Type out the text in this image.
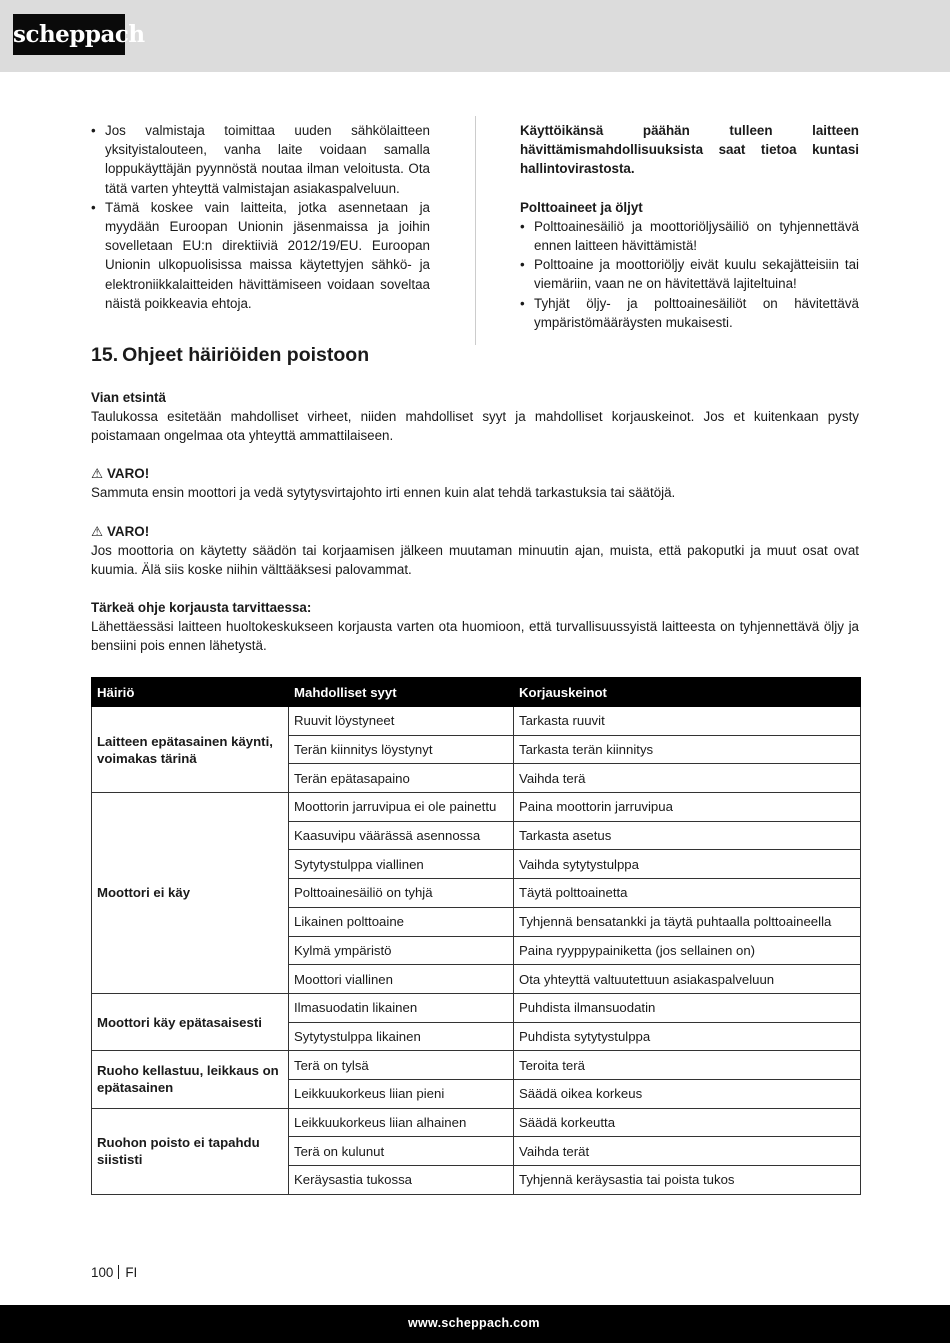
scheppach
• Jos valmistaja toimittaa uuden sähkölaitteen yksityistalouteen, vanha laite voidaan samalla loppukäyttäjän pyynnöstä noutaa ilman veloitusta. Ota tätä varten yhteyttä valmistajan asiakaspalveluun.
• Tämä koskee vain laitteita, jotka asennetaan ja myydään Euroopan Unionin jäsenmaissa ja joihin sovelletaan EU:n direktiiviä 2012/19/EU. Euroopan Unionin ulkopuolisissa maissa käytettyjen sähkö- ja elektroniikkalaitteiden hävittämiseen voidaan soveltaa näistä poikkeavia ehtoja.
Käyttöikänsä päähän tulleen laitteen hävittämismahdollisuuksista saat tietoa kuntasi hallintovirastosta.
Polttoaineet ja öljyt
• Polttoainesäiliö ja moottoriöljysäiliö on tyhjennettävä ennen laitteen hävittämistä!
• Polttoaine ja moottoriöljy eivät kuulu sekajätteisiin tai viemäriin, vaan ne on hävitettävä lajiteltuina!
• Tyhjät öljy- ja polttoainesäiliöt on hävitettävä ympäristömääräysten mukaisesti.
15. Ohjeet häiriöiden poistoon
Vian etsintä
Taulukossa esitetään mahdolliset virheet, niiden mahdolliset syyt ja mahdolliset korjauskeinot. Jos et kuitenkaan pysty poistamaan ongelmaa ota yhteyttä ammattilaiseen.
⚠ VARO!
Sammuta ensin moottori ja vedä sytytysvirtajohto irti ennen kuin alat tehdä tarkastuksia tai säätöjä.
⚠ VARO!
Jos moottoria on käytetty säädön tai korjaamisen jälkeen muutaman minuutin ajan, muista, että pakoputki ja muut osat ovat kuumia. Älä siis koske niihin välttääksesi palovammat.
Tärkeä ohje korjausta tarvittaessa:
Lähettäessäsi laitteen huoltokeskukseen korjausta varten ota huomioon, että turvallisuussyistä laitteesta on tyhjennettävä öljy ja bensiini pois ennen lähetystä.
Häiriö	Mahdolliset syyt	Korjauskeinot
Laitteen epätasainen käynti, voimakas tärinä	Ruuvit löystyneet	Tarkasta ruuvit
	Terän kiinnitys löystynyt	Tarkasta terän kiinnitys
	Terän epätasapaino	Vaihda terä
Moottori ei käy	Moottorin jarruvipua ei ole painettu	Paina moottorin jarruvipua
	Kaasuvipu väärässä asennossa	Tarkasta asetus
	Sytytystulppa viallinen	Vaihda sytytystulppa
	Polttoainesäiliö on tyhjä	Täytä polttoainetta
	Likainen polttoaine	Tyhjennä bensatankki ja täytä puhtaalla polttoaineella
	Kylmä ympäristö	Paina ryyppypainiketta (jos sellainen on)
	Moottori viallinen	Ota yhteyttä valtuutettuun asiakaspalveluun
Moottori käy epätasaisesti	Ilmasuodatin likainen	Puhdista ilmansuodatin
	Sytytystulppa likainen	Puhdista sytytystulppa
Ruoho kellastuu, leikkaus on epätasainen	Terä on tylsä	Teroita terä
	Leikkuukorkeus liian pieni	Säädä oikea korkeus
Ruohon poisto ei tapahdu siististi	Leikkuukorkeus liian alhainen	Säädä korkeutta
	Terä on kulunut	Vaihda terät
	Keräysastia tukossa	Tyhjennä keräysastia tai poista tukos
100 FI
www.scheppach.com
